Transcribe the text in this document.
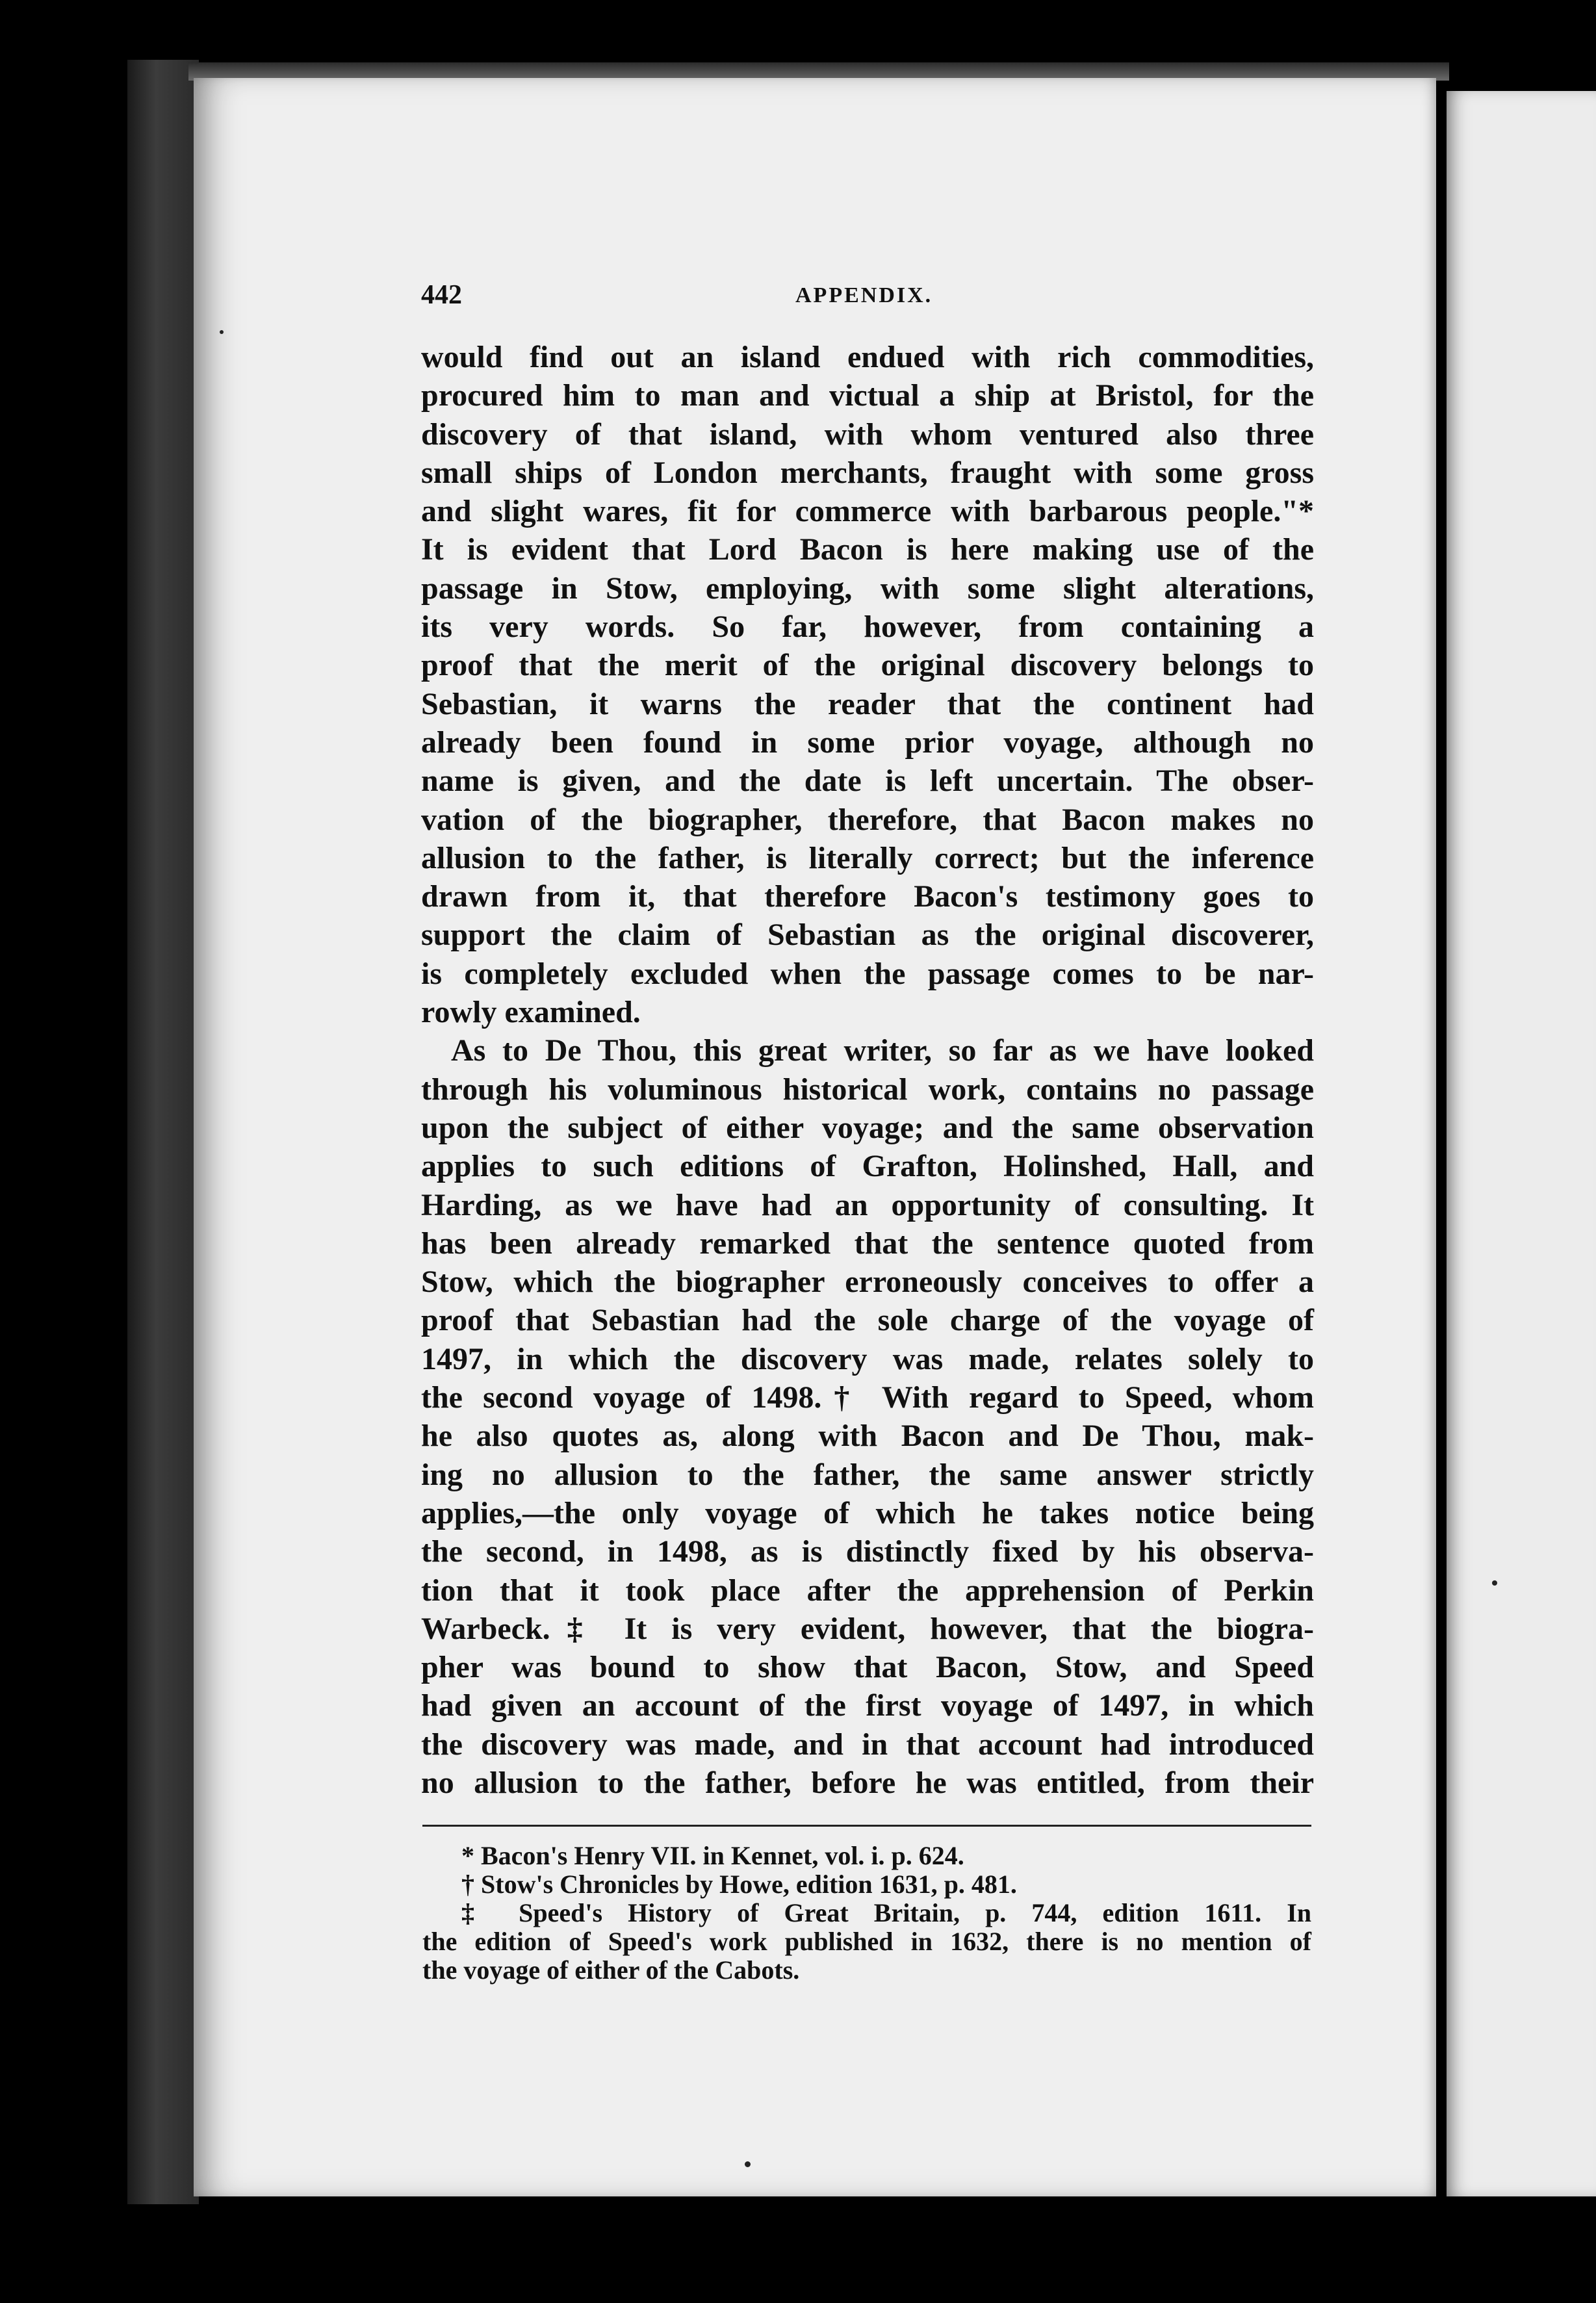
442	APPENDIX.
would find out an island endued with rich commodities,
procured him to man and victual a ship at Bristol, for the
discovery of that island, with whom ventured also three
small ships of London merchants, fraught with some gross
and slight wares, fit for commerce with barbarous people."*
It is evident that Lord Bacon is here making use of the
passage in Stow, employing, with some slight alterations,
its very words. So far, however, from containing a
proof that the merit of the original discovery belongs to
Sebastian, it warns the reader that the continent had
already been found in some prior voyage, although no
name is given, and the date is left uncertain. The obser-
vation of the biographer, therefore, that Bacon makes no
allusion to the father, is literally correct; but the inference
drawn from it, that therefore Bacon's testimony goes to
support the claim of Sebastian as the original discoverer,
is completely excluded when the passage comes to be nar-
rowly examined.
As to De Thou, this great writer, so far as we have looked
through his voluminous historical work, contains no passage
upon the subject of either voyage; and the same observation
applies to such editions of Grafton, Holinshed, Hall, and
Harding, as we have had an opportunity of consulting. It
has been already remarked that the sentence quoted from
Stow, which the biographer erroneously conceives to offer a
proof that Sebastian had the sole charge of the voyage of
1497, in which the discovery was made, relates solely to
the second voyage of 1498.† With regard to Speed, whom
he also quotes as, along with Bacon and De Thou, mak-
ing no allusion to the father, the same answer strictly
applies,—the only voyage of which he takes notice being
the second, in 1498, as is distinctly fixed by his observa-
tion that it took place after the apprehension of Perkin
Warbeck.‡ It is very evident, however, that the biogra-
pher was bound to show that Bacon, Stow, and Speed
had given an account of the first voyage of 1497, in which
the discovery was made, and in that account had introduced
no allusion to the father, before he was entitled, from their
* Bacon's Henry VII. in Kennet, vol. i. p. 624.
† Stow's Chronicles by Howe, edition 1631, p. 481.
‡ Speed's History of Great Britain, p. 744, edition 1611. In
the edition of Speed's work published in 1632, there is no mention of
the voyage of either of the Cabots.
